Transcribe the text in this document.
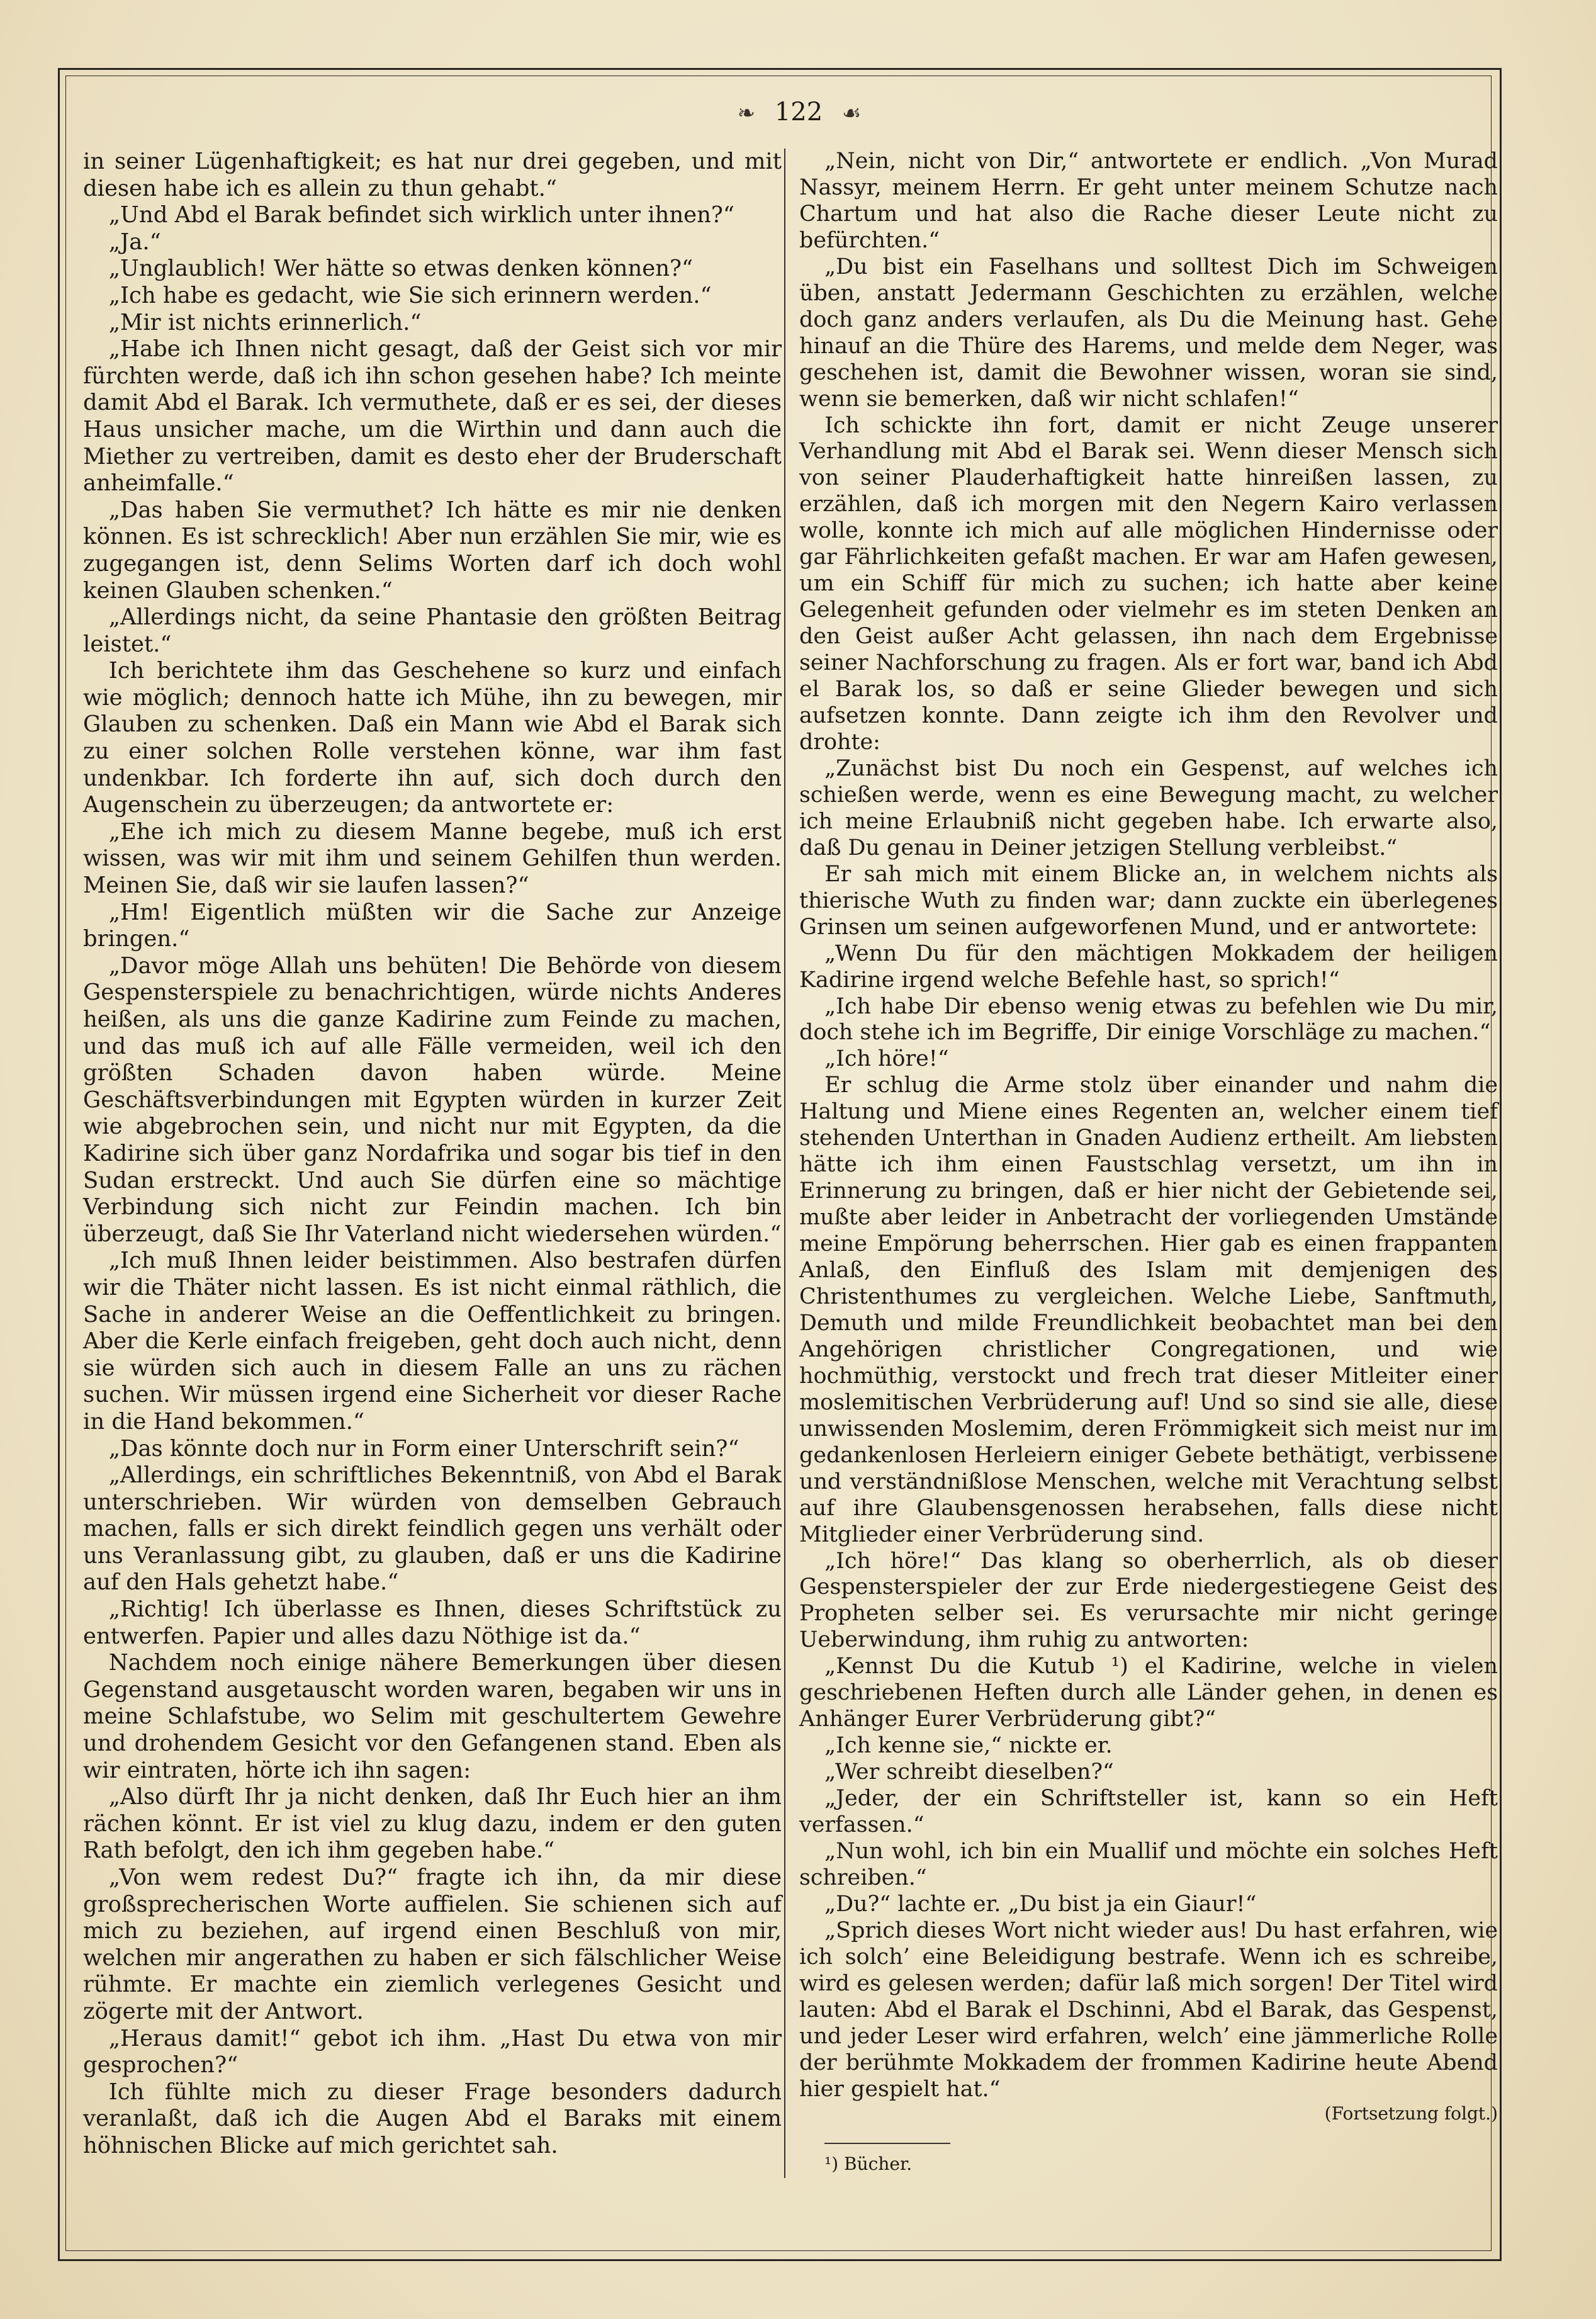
❧ 122 ☙

in seiner Lügenhaftigkeit; es hat nur drei gegeben, und mit diesen habe ich es allein zu thun gehabt.“

„Und Abd el Barak befindet sich wirklich unter ihnen?“

„Ja.“

„Unglaublich! Wer hätte so etwas denken können?“

„Ich habe es gedacht, wie Sie sich erinnern werden.“

„Mir ist nichts erinnerlich.“

„Habe ich Ihnen nicht gesagt, daß der Geist sich vor mir fürchten werde, daß ich ihn schon gesehen habe? Ich meinte damit Abd el Barak. Ich vermuthete, daß er es sei, der dieses Haus unsicher mache, um die Wirthin und dann auch die Miether zu vertreiben, damit es desto eher der Bruderschaft anheimfalle.“

„Das haben Sie vermuthet? Ich hätte es mir nie denken können. Es ist schrecklich! Aber nun erzählen Sie mir, wie es zugegangen ist, denn Selims Worten darf ich doch wohl keinen Glauben schenken.“

„Allerdings nicht, da seine Phantasie den größten Beitrag leistet.“

Ich berichtete ihm das Geschehene so kurz und einfach wie möglich; dennoch hatte ich Mühe, ihn zu bewegen, mir Glauben zu schenken. Daß ein Mann wie Abd el Barak sich zu einer solchen Rolle verstehen könne, war ihm fast undenkbar. Ich forderte ihn auf, sich doch durch den Augenschein zu überzeugen; da antwortete er:

„Ehe ich mich zu diesem Manne begebe, muß ich erst wissen, was wir mit ihm und seinem Gehilfen thun werden. Meinen Sie, daß wir sie laufen lassen?“

„Hm! Eigentlich müßten wir die Sache zur Anzeige bringen.“

„Davor möge Allah uns behüten! Die Behörde von diesem Gespensterspiele zu benachrichtigen, würde nichts Anderes heißen, als uns die ganze Kadirine zum Feinde zu machen, und das muß ich auf alle Fälle vermeiden, weil ich den größten Schaden davon haben würde. Meine Geschäftsverbindungen mit Egypten würden in kurzer Zeit wie abgebrochen sein, und nicht nur mit Egypten, da die Kadirine sich über ganz Nordafrika und sogar bis tief in den Sudan erstreckt. Und auch Sie dürfen eine so mächtige Verbindung sich nicht zur Feindin machen. Ich bin überzeugt, daß Sie Ihr Vaterland nicht wiedersehen würden.“

„Ich muß Ihnen leider beistimmen. Also bestrafen dürfen wir die Thäter nicht lassen. Es ist nicht einmal räthlich, die Sache in anderer Weise an die Oeffentlichkeit zu bringen. Aber die Kerle einfach freigeben, geht doch auch nicht, denn sie würden sich auch in diesem Falle an uns zu rächen suchen. Wir müssen irgend eine Sicherheit vor dieser Rache in die Hand bekommen.“

„Das könnte doch nur in Form einer Unterschrift sein?“

„Allerdings, ein schriftliches Bekenntniß, von Abd el Barak unterschrieben. Wir würden von demselben Gebrauch machen, falls er sich direkt feindlich gegen uns verhält oder uns Veranlassung gibt, zu glauben, daß er uns die Kadirine auf den Hals gehetzt habe.“

„Richtig! Ich überlasse es Ihnen, dieses Schriftstück zu entwerfen. Papier und alles dazu Nöthige ist da.“

Nachdem noch einige nähere Bemerkungen über diesen Gegenstand ausgetauscht worden waren, begaben wir uns in meine Schlafstube, wo Selim mit geschultertem Gewehre und drohendem Gesicht vor den Gefangenen stand. Eben als wir eintraten, hörte ich ihn sagen:

„Also dürft Ihr ja nicht denken, daß Ihr Euch hier an ihm rächen könnt. Er ist viel zu klug dazu, indem er den guten Rath befolgt, den ich ihm gegeben habe.“

„Von wem redest Du?“ fragte ich ihn, da mir diese großsprecherischen Worte auffielen. Sie schienen sich auf mich zu beziehen, auf irgend einen Beschluß von mir, welchen mir angerathen zu haben er sich fälschlicher Weise rühmte. Er machte ein ziemlich verlegenes Gesicht und zögerte mit der Antwort.

„Heraus damit!“ gebot ich ihm. „Hast Du etwa von mir gesprochen?“

Ich fühlte mich zu dieser Frage besonders dadurch veranlaßt, daß ich die Augen Abd el Baraks mit einem höhnischen Blicke auf mich gerichtet sah.

„Nein, nicht von Dir,“ antwortete er endlich. „Von Murad Nassyr, meinem Herrn. Er geht unter meinem Schutze nach Chartum und hat also die Rache dieser Leute nicht zu befürchten.“

„Du bist ein Faselhans und solltest Dich im Schweigen üben, anstatt Jedermann Geschichten zu erzählen, welche doch ganz anders verlaufen, als Du die Meinung hast. Gehe hinauf an die Thüre des Harems, und melde dem Neger, was geschehen ist, damit die Bewohner wissen, woran sie sind, wenn sie bemerken, daß wir nicht schlafen!“

Ich schickte ihn fort, damit er nicht Zeuge unserer Verhandlung mit Abd el Barak sei. Wenn dieser Mensch sich von seiner Plauderhaftigkeit hatte hinreißen lassen, zu erzählen, daß ich morgen mit den Negern Kairo verlassen wolle, konnte ich mich auf alle möglichen Hindernisse oder gar Fährlichkeiten gefaßt machen. Er war am Hafen gewesen, um ein Schiff für mich zu suchen; ich hatte aber keine Gelegenheit gefunden oder vielmehr es im steten Denken an den Geist außer Acht gelassen, ihn nach dem Ergebnisse seiner Nachforschung zu fragen. Als er fort war, band ich Abd el Barak los, so daß er seine Glieder bewegen und sich aufsetzen konnte. Dann zeigte ich ihm den Revolver und drohte:

„Zunächst bist Du noch ein Gespenst, auf welches ich schießen werde, wenn es eine Bewegung macht, zu welcher ich meine Erlaubniß nicht gegeben habe. Ich erwarte also, daß Du genau in Deiner jetzigen Stellung verbleibst.“

Er sah mich mit einem Blicke an, in welchem nichts als thierische Wuth zu finden war; dann zuckte ein überlegenes Grinsen um seinen aufgeworfenen Mund, und er antwortete:

„Wenn Du für den mächtigen Mokkadem der heiligen Kadirine irgend welche Befehle hast, so sprich!“

„Ich habe Dir ebenso wenig etwas zu befehlen wie Du mir, doch stehe ich im Begriffe, Dir einige Vorschläge zu machen.“

„Ich höre!“

Er schlug die Arme stolz über einander und nahm die Haltung und Miene eines Regenten an, welcher einem tief stehenden Unterthan in Gnaden Audienz ertheilt. Am liebsten hätte ich ihm einen Faustschlag versetzt, um ihn in Erinnerung zu bringen, daß er hier nicht der Gebietende sei, mußte aber leider in Anbetracht der vorliegenden Umstände meine Empörung beherrschen. Hier gab es einen frappanten Anlaß, den Einfluß des Islam mit demjenigen des Christenthumes zu vergleichen. Welche Liebe, Sanftmuth, Demuth und milde Freundlichkeit beobachtet man bei den Angehörigen christlicher Congregationen, und wie hochmüthig, verstockt und frech trat dieser Mitleiter einer moslemitischen Verbrüderung auf! Und so sind sie alle, diese unwissenden Moslemim, deren Frömmigkeit sich meist nur im gedankenlosen Herleiern einiger Gebete bethätigt, verbissene und verständnißlose Menschen, welche mit Verachtung selbst auf ihre Glaubensgenossen herabsehen, falls diese nicht Mitglieder einer Verbrüderung sind.

„Ich höre!“ Das klang so oberherrlich, als ob dieser Gespensterspieler der zur Erde niedergestiegene Geist des Propheten selber sei. Es verursachte mir nicht geringe Ueberwindung, ihm ruhig zu antworten:

„Kennst Du die Kutub ¹) el Kadirine, welche in vielen geschriebenen Heften durch alle Länder gehen, in denen es Anhänger Eurer Verbrüderung gibt?“

„Ich kenne sie,“ nickte er.

„Wer schreibt dieselben?“

„Jeder, der ein Schriftsteller ist, kann so ein Heft verfassen.“

„Nun wohl, ich bin ein Muallif und möchte ein solches Heft schreiben.“

„Du?“ lachte er. „Du bist ja ein Giaur!“

„Sprich dieses Wort nicht wieder aus! Du hast erfahren, wie ich solch’ eine Beleidigung bestrafe. Wenn ich es schreibe, wird es gelesen werden; dafür laß mich sorgen! Der Titel wird lauten: Abd el Barak el Dschinni, Abd el Barak, das Gespenst, und jeder Leser wird erfahren, welch’ eine jämmerliche Rolle der berühmte Mokkadem der frommen Kadirine heute Abend hier gespielt hat.“

(Fortsetzung folgt.)
¹) Bücher.
